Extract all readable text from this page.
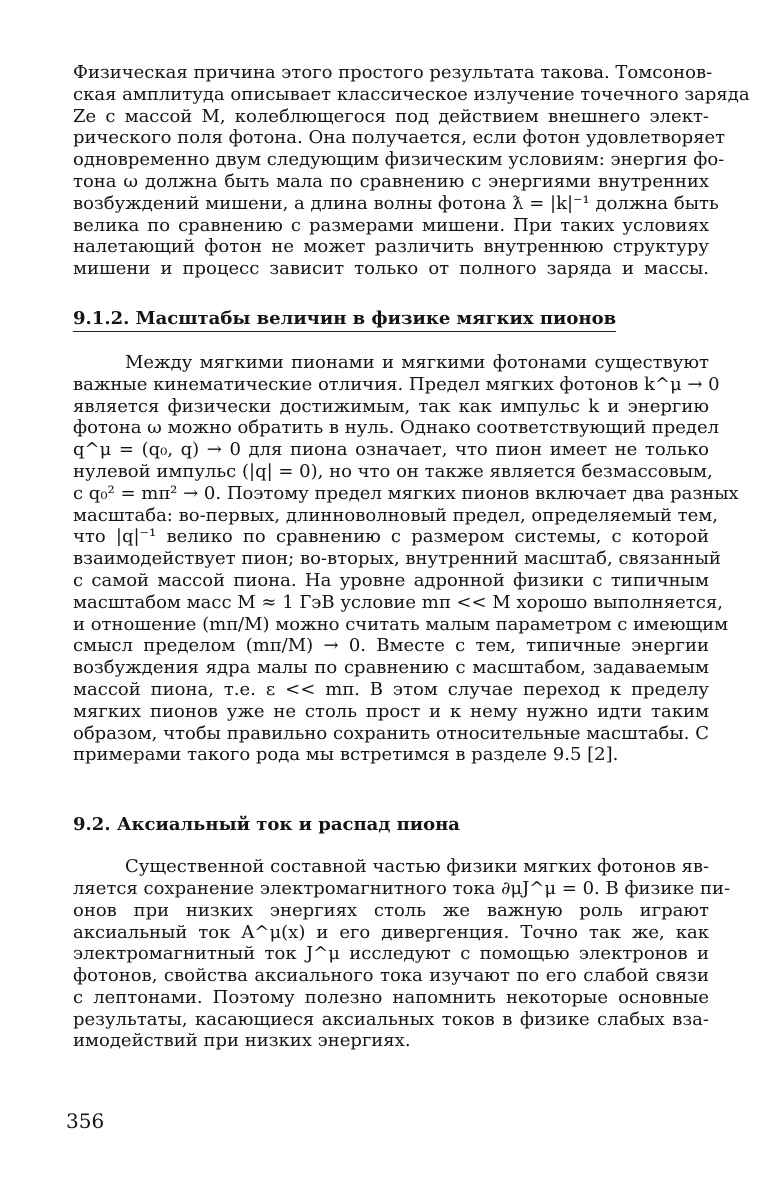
Физическая причина этого простого результата такова. Томсонов-
ская амплитуда описывает классическое излучение точечного заряда
Ze с массой M, колеблющегося под действием внешнего элект-
рического поля фотона. Она получается, если фотон удовлетворяет
одновременно двум следующим физическим условиям: энергия фо-
тона ω должна быть мала по сравнению с энергиями внутренних
возбуждений мишени, а длина волны фотона ƛ = |k|⁻¹ должна быть
велика по сравнению с размерами мишени. При таких условиях
налетающий фотон не может различить внутреннюю структуру
мишени и процесс зависит только от полного заряда и массы.
9.1.2. Масштабы величин в физике мягких пионов
Между мягкими пионами и мягкими фотонами существуют
важные кинематические отличия. Предел мягких фотонов k^μ → 0
является физически достижимым, так как импульс k и энергию
фотона ω можно обратить в нуль. Однако соответствующий предел
q^μ = (q₀, q) → 0 для пиона означает, что пион имеет не только
нулевой импульс (|q| = 0), но что он также является безмассовым,
с q₀² = mπ² → 0. Поэтому предел мягких пионов включает два разных
масштаба: во-первых, длинноволновый предел, определяемый тем,
что |q|⁻¹ велико по сравнению с размером системы, с которой
взаимодействует пион; во-вторых, внутренний масштаб, связанный
с самой массой пиона. На уровне адронной физики с типичным
масштабом масс M ≈ 1 ГэВ условие mπ << M хорошо выполняется,
и отношение (mπ/M) можно считать малым параметром с имеющим
смысл пределом (mπ/M) → 0. Вместе с тем, типичные энергии
возбуждения ядра малы по сравнению с масштабом, задаваемым
массой пиона, т.е. ε << mπ. В этом случае переход к пределу
мягких пионов уже не столь прост и к нему нужно идти таким
образом, чтобы правильно сохранить относительные масштабы. С
примерами такого рода мы встретимся в разделе 9.5 [2].
9.2. Аксиальный ток и распад пиона
Существенной составной частью физики мягких фотонов яв-
ляется сохранение электромагнитного тока ∂μJ^μ = 0. В физике пи-
онов при низких энергиях столь же важную роль играют
аксиальный ток A^μ(x) и его дивергенция. Точно так же, как
электромагнитный ток J^μ исследуют с помощью электронов и
фотонов, свойства аксиального тока изучают по его слабой связи
с лептонами. Поэтому полезно напомнить некоторые основные
результаты, касающиеся аксиальных токов в физике слабых вза-
имодействий при низких энергиях.
356
